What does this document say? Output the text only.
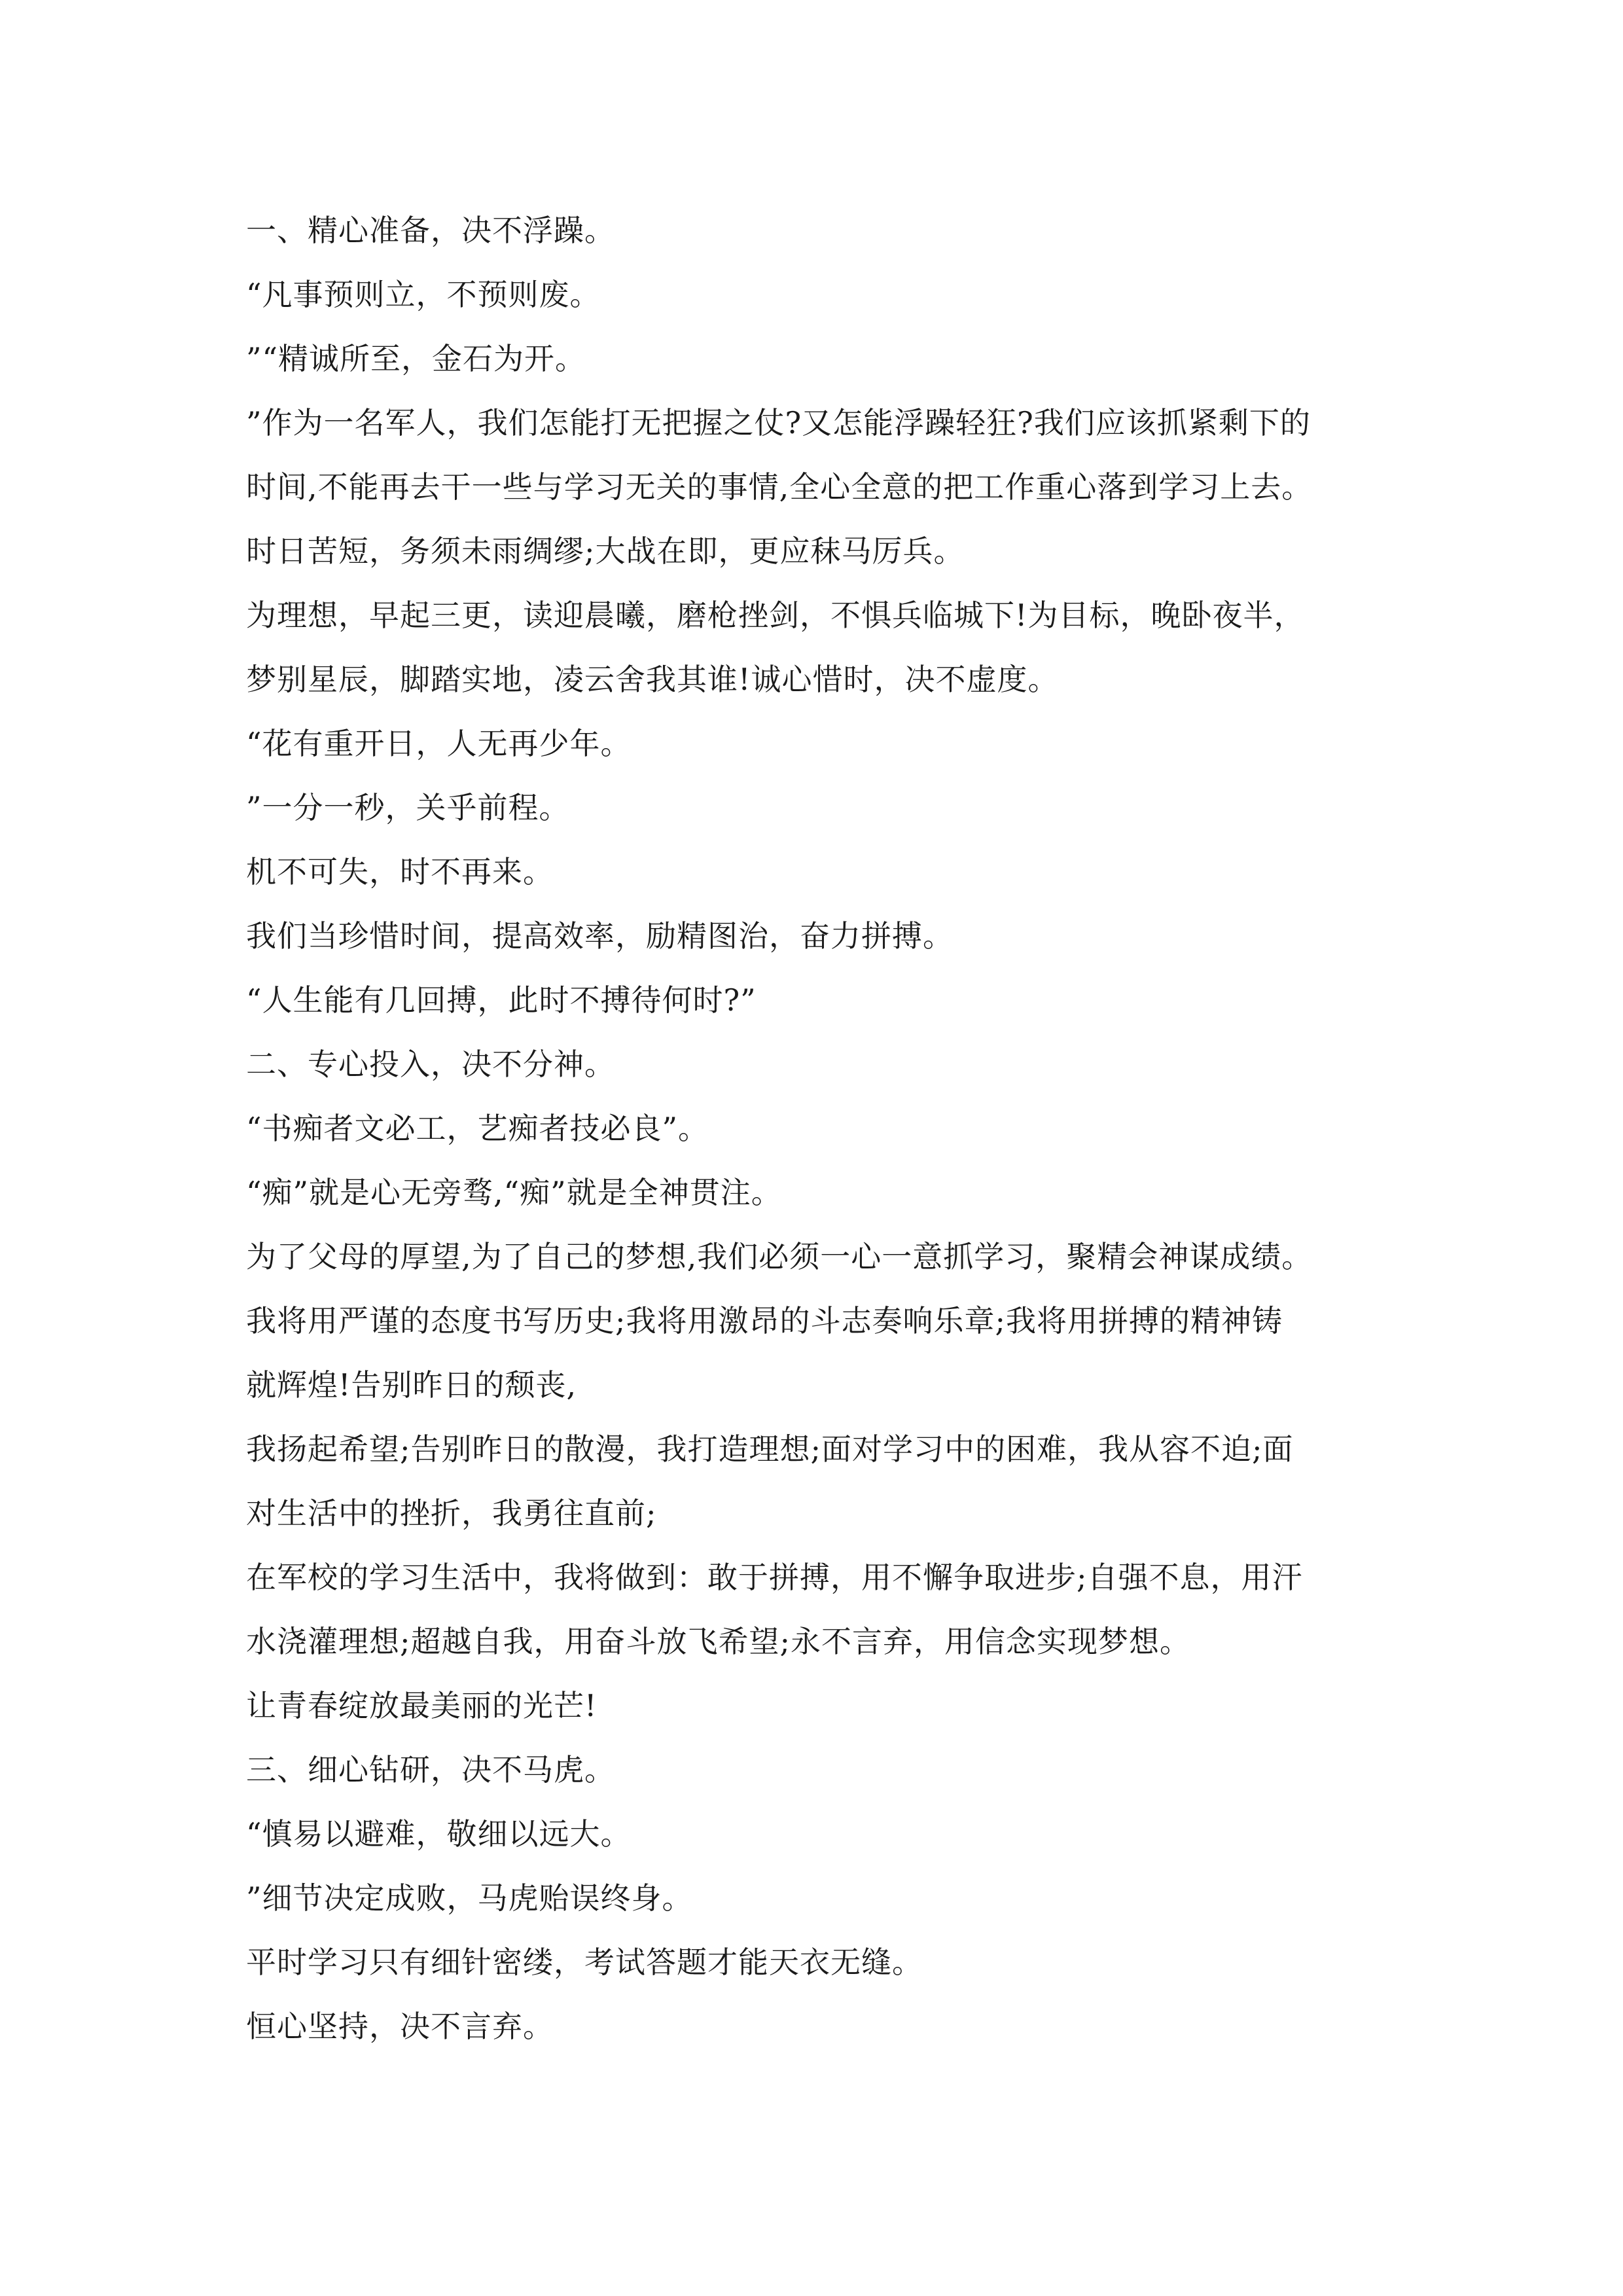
一、精心准备，决不浮躁。
“凡事预则立，不预则废。
”“精诚所至，金石为开。
”作为一名军人，我们怎能打无把握之仗?又怎能浮躁轻狂?我们应该抓紧剩下的
时间,不能再去干一些与学习无关的事情,全心全意的把工作重心落到学习上去。
时日苦短，务须未雨绸缪;大战在即，更应秣马厉兵。
为理想，早起三更，读迎晨曦，磨枪挫剑，不惧兵临城下!为目标，晚卧夜半，
梦别星辰，脚踏实地，凌云舍我其谁!诚心惜时，决不虚度。
“花有重开日，人无再少年。
”一分一秒，关乎前程。
机不可失，时不再来。
我们当珍惜时间，提高效率，励精图治，奋力拼搏。
“人生能有几回搏，此时不搏待何时?”
二、专心投入，决不分神。
“书痴者文必工，艺痴者技必良”。
“痴”就是心无旁骛,“痴”就是全神贯注。
为了父母的厚望,为了自己的梦想,我们必须一心一意抓学习，聚精会神谋成绩。
我将用严谨的态度书写历史;我将用激昂的斗志奏响乐章;我将用拼搏的精神铸
就辉煌!告别昨日的颓丧,
我扬起希望;告别昨日的散漫，我打造理想;面对学习中的困难，我从容不迫;面
对生活中的挫折，我勇往直前;
在军校的学习生活中，我将做到：敢于拼搏，用不懈争取进步;自强不息，用汗
水浇灌理想;超越自我，用奋斗放飞希望;永不言弃，用信念实现梦想。
让青春绽放最美丽的光芒!
三、细心钻研，决不马虎。
“慎易以避难，敬细以远大。
”细节决定成败，马虎贻误终身。
平时学习只有细针密缕，考试答题才能天衣无缝。
恒心坚持，决不言弃。
